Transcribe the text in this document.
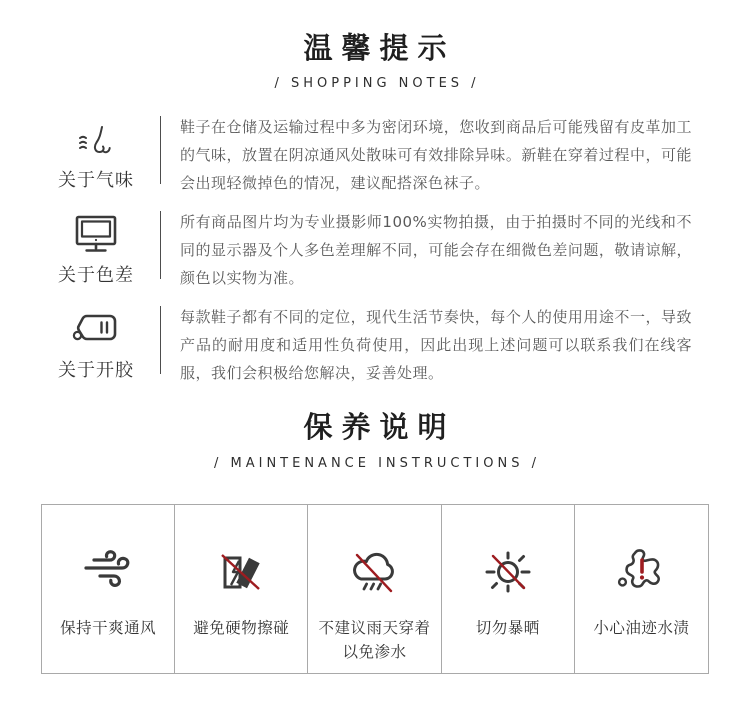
温馨提示
/ SHOPPING NOTES /
关于气味
鞋子在仓储及运输过程中多为密闭环境，您收到商品后可能残留有皮革加工的气味，放置在阴凉通风处散味可有效排除异味。新鞋在穿着过程中，可能会出现轻微掉色的情况，建议配搭深色袜子。
关于色差
所有商品图片均为专业摄影师100%实物拍摄，由于拍摄时不同的光线和不同的显示器及个人多色差理解不同，可能会存在细微色差问题，敬请谅解，颜色以实物为准。
关于开胶
每款鞋子都有不同的定位，现代生活节奏快，每个人的使用用途不一，导致产品的耐用度和适用性负荷使用，因此出现上述问题可以联系我们在线客服，我们会积极给您解决，妥善处理。
保养说明
/ MAINTENANCE INSTRUCTIONS /
保持干爽通风 避免硬物擦碰 不建议雨天穿着
以免渗水
切勿暴晒	小心油迹水渍
